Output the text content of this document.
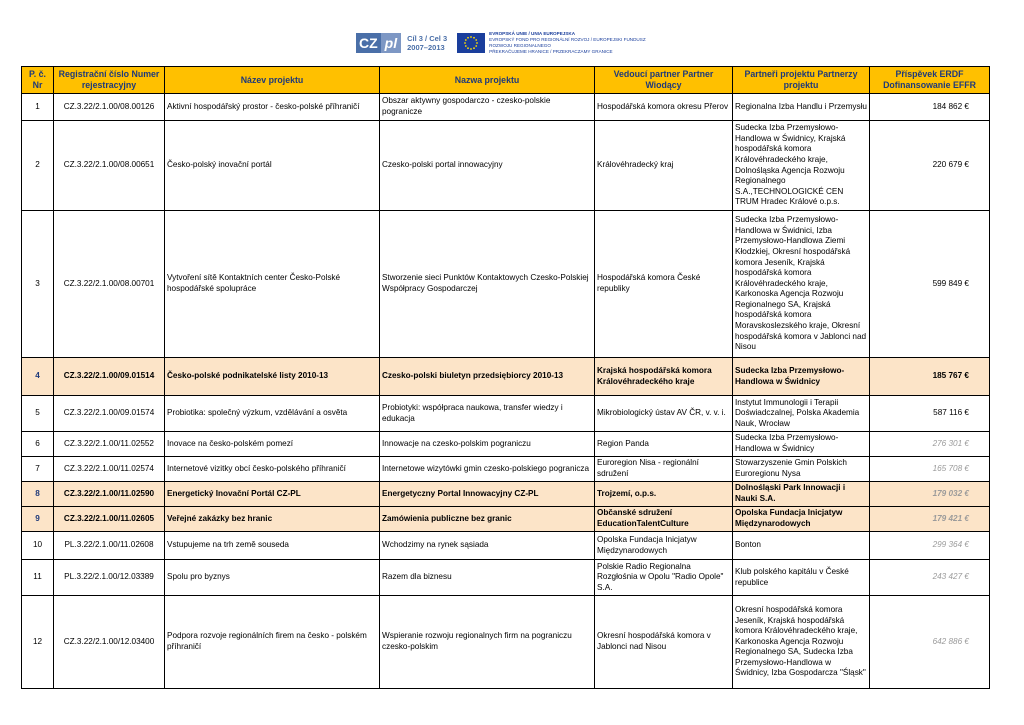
CZ pl	Cíl 3 / Cel 3
2007–2013
EVROPSKÁ UNIE / UNIA EUROPEJSKA
EVROPSKÝ FOND PRO REGIONÁLNÍ ROZVOJ / EUROPEJSKI FUNDUSZ ROZWOJU REGIONALNEGO
PŘEKRAČUJEME HRANICE / PRZEKRACZAMY GRANICE
P. č. Nr	Registrační číslo Numer rejestracyjny	Název projektu	Nazwa projektu	Vedoucí partner Partner Wiodący	Partneři projektu Partnerzy projektu	Příspěvek ERDF Dofinansowanie EFFR
1	CZ.3.22/2.1.00/08.00126	Aktivní hospodářský prostor - česko-polské příhraničí	Obszar aktywny gospodarczo - czesko-polskie pogranicze	Hospodářská komora okresu Přerov	Regionalna Izba Handlu i Przemysłu	184 862 €
2	CZ.3.22/2.1.00/08.00651	Česko-polský inovační portál	Czesko-polski portal innowacyjny	Královéhradecký kraj	Sudecka Izba Przemysłowo-Handlowa w Świdnicy, Krajská hospodářská komora Královéhradeckého kraje, Dolnośląska Agencja Rozwoju Regionalnego S.A.,TECHNOLOGICKÉ CEN TRUM Hradec Králové o.p.s.	220 679 €
3	CZ.3.22/2.1.00/08.00701	Vytvoření sítě Kontaktních center Česko-Polské hospodářské spolupráce	Stworzenie sieci Punktów Kontaktowych Czesko-Polskiej Współpracy Gospodarczej	Hospodářská komora České republiky	Sudecka Izba Przemysłowo-Handlowa w Świdnici, Izba Przemysłowo-Handlowa Ziemi Kłodzkiej, Okresní hospodářská komora Jeseník, Krajská hospodářská komora Královéhradeckého kraje, Karkonoska Agencja Rozwoju Regionalnego SA, Krajská hospodářská komora Moravskoslezského kraje, Okresní hospodářská komora v Jablonci nad Nisou	599 849 €
4	CZ.3.22/2.1.00/09.01514	Česko-polské podnikatelské listy 2010-13	Czesko-polski biuletyn przedsiębiorcy 2010-13	Krajská hospodářská komora Královéhradeckého kraje	Sudecka Izba Przemysłowo-Handlowa w Świdnicy	185 767 €
5	CZ.3.22/2.1.00/09.01574	Probiotika: společný výzkum, vzdělávání a osvěta	Probiotyki: współpraca naukowa, transfer wiedzy i edukacja	Mikrobiologický ústav AV ČR, v. v. i.	Instytut Immunologii i Terapii Doświadczalnej, Polska Akademia Nauk, Wrocław	587 116 €
6	CZ.3.22/2.1.00/11.02552	Inovace na česko-polském pomezí	Innowacje na czesko-polskim pograniczu	Region Panda	Sudecka Izba Przemysłowo-Handlowa w Świdnicy	276 301 €
7	CZ.3.22/2.1.00/11.02574	Internetové vizitky obcí česko-polského příhraničí	Internetowe wizytówki gmin czesko-polskiego pogranicza	Euroregion Nisa - regionální sdružení	Stowarzyszenie Gmin Polskich Euroregionu Nysa	165 708 €
8	CZ.3.22/2.1.00/11.02590	Energetický Inovační Portál CZ-PL	Energetyczny Portal Innowacyjny CZ-PL	Trojzemí, o.p.s.	Dolnośląski Park Innowacji i Nauki S.A.	179 032 €
9	CZ.3.22/2.1.00/11.02605	Veřejné zakázky bez hranic	Zamówienia publiczne bez granic	Občanské sdružení EducationTalentCulture	Opolska Fundacja Inicjatyw Międzynarodowych	179 421 €
10	PL.3.22/2.1.00/11.02608	Vstupujeme na trh země souseda	Wchodzimy na rynek sąsiada	Opolska Fundacja Inicjatyw Międzynarodowych	Bonton	299 364 €
11	PL.3.22/2.1.00/12.03389	Spolu pro byznys	Razem dla biznesu	Polskie Radio Regionalna Rozgłośnia w Opolu "Radio Opole" S.A.	Klub polského kapitálu v České republice	243 427 €
12	CZ.3.22/2.1.00/12.03400	Podpora rozvoje regionálních firem na česko - polském příhraničí	Wspieranie rozwoju regionalnych firm na pograniczu czesko-polskim	Okresní hospodářská komora v Jablonci nad Nisou	Okresní hospodářská komora Jeseník, Krajská hospodářská komora Královéhradeckého kraje, Karkonoska Agencja Rozwoju Regionalnego SA, Sudecka Izba Przemysłowo-Handlowa w Świdnicy, Izba Gospodarcza "Śląsk"	642 886 €
